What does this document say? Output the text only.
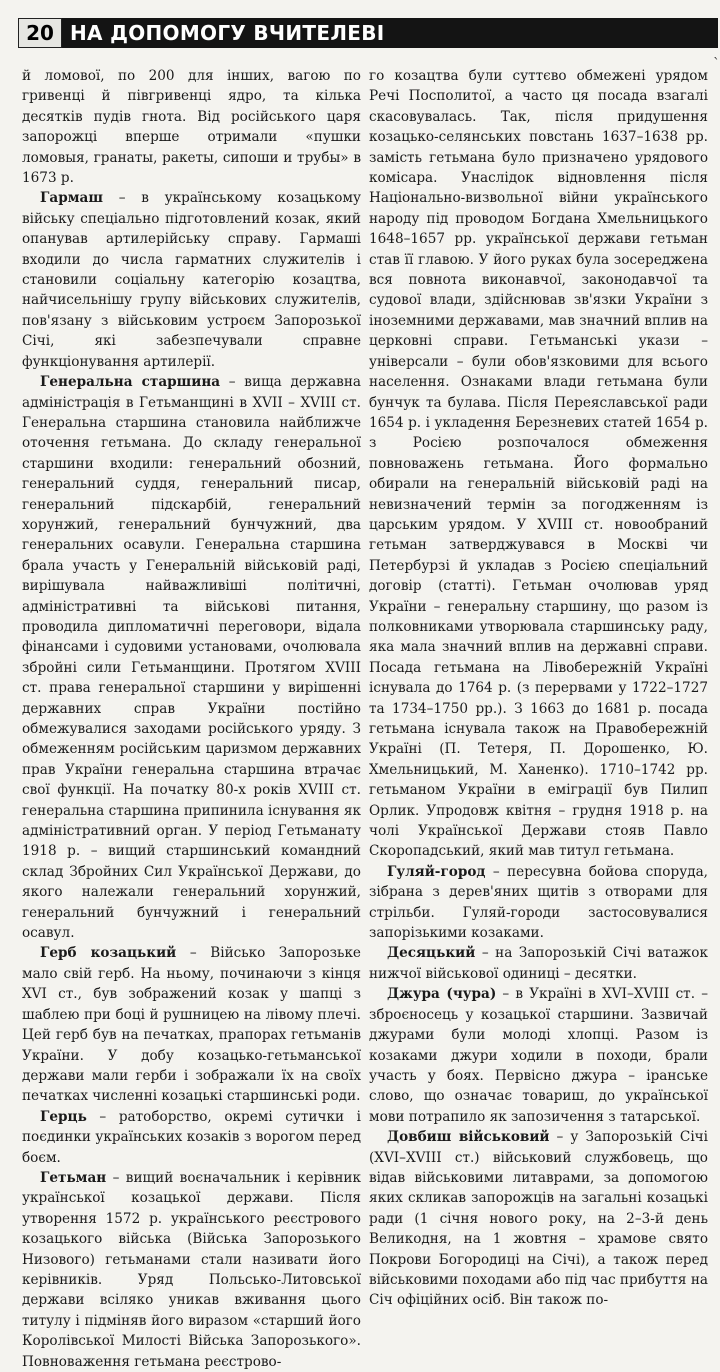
20 НА ДОПОМОГУ ВЧИТЕЛЕВІ
ˋ

й ломової, по 200 для інших, вагою по гривенці й півгривенці ядро, та кілька десятків пудів гнота. Від російського царя запорожці вперше отримали «пушки ломовыя, гранаты, ракеты, сипоши и трубы» в 1673 р.

Гармаш – в українському козацькому війську спеціально підготовлений козак, який опанував артилерійську справу. Гармаші входили до числа гарматних служителів і становили соціальну категорію козацтва, найчисельнішу групу військових служителів, пов'язану з військовим устроєм Запорозької Січі, які забезпечували справне функціонування артилерії.

Генеральна старшина – вища державна адміністрація в Гетьманщині в XVII – XVIII ст. Генеральна старшина становила найближче оточення гетьмана. До складу генеральної старшини входили: генеральний обозний, генеральний суддя, генеральний писар, генеральний підскарбій, генеральний хорунжий, генеральний бунчужний, два генеральних осавули. Генеральна старшина брала участь у Генеральній військовій раді, вирішувала найважливіші політичні, адміністративні та військові питання, проводила дипломатичні переговори, відала фінансами і судовими установами, очолювала збройні сили Гетьманщини. Протягом XVIII ст. права генеральної старшини у вирішенні державних справ України постійно обмежувалися заходами російського уряду. З обмеженням російським царизмом державних прав України генеральна старшина втрачає свої функції. На початку 80-х років XVIII ст. генеральна старшина припинила існування як адміністративний орган. У період Гетьманату 1918 р. – вищий старшинський командний склад Збройних Сил Української Держави, до якого належали генеральний хорунжий, генеральний бунчужний і генеральний осавул.

Герб козацький – Військо Запорозьке мало свій герб. На ньому, починаючи з кінця XVI ст., був зображений козак у шапці з шаблею при боці й рушницею на лівому плечі. Цей герб був на печатках, прапорах гетьманів України. У добу козацько-гетьманської держави мали герби і зображали їх на своїх печатках численні козацькі старшинські роди.

Герць – ратоборство, окремі сутички і поєдинки українських козаків з ворогом перед боєм.

Гетьман – вищий воєначальник і керівник української козацької держави. Після утворення 1572 р. українського реєстрового козацького війська (Війська Запорозького Низового) гетьманами стали називати його керівників. Уряд Польсько-Литовської держави всіляко уникав вживання цього титулу і підміняв його виразом «старший його Королівської Милості Війська Запорозького». Повноваження гетьмана реєстрово-

го козацтва були суттєво обмежені урядом Речі Посполитої, а часто ця посада взагалі скасовувалась. Так, після придушення козацько-селянських повстань 1637–1638 рр. замість гетьмана було призначено урядового комісара. Унаслідок відновлення після Національно-визвольної війни українського народу під проводом Богдана Хмельницького 1648–1657 рр. української держави гетьман став її главою. У його руках була зосереджена вся повнота виконавчої, законодавчої та судової влади, здійснював зв'язки України з іноземними державами, мав значний вплив на церковні справи. Гетьманські укази – універсали – були обов'язковими для всього населення. Ознаками влади гетьмана були бунчук та булава. Після Переяславської ради 1654 р. і укладення Березневих статей 1654 р. з Росією розпочалося обмеження повноважень гетьмана. Його формально обирали на генеральній військовій раді на невизначений термін за погодженням із царським урядом. У XVIII ст. новообраний гетьман затверджувався в Москві чи Петербурзі й укладав з Росією спеціальний договір (статті). Гетьман очолював уряд України – генеральну старшину, що разом із полковниками утворювала старшинську раду, яка мала значний вплив на державні справи. Посада гетьмана на Лівобережній Україні існувала до 1764 р. (з перервами у 1722–1727 та 1734–1750 рр.). З 1663 до 1681 р. посада гетьмана існувала також на Правобережній Україні (П. Тетеря, П. Дорошенко, Ю. Хмельницький, М. Ханенко). 1710–1742 рр. гетьманом України в еміграції був Пилип Орлик. Упродовж квітня – грудня 1918 р. на чолі Української Держави стояв Павло Скоропадський, який мав титул гетьмана.

Гуляй-город – пересувна бойова споруда, зібрана з дерев'яних щитів з отворами для стрільби. Гуляй-городи застосовувалися запорізькими козаками.

Десяцький – на Запорозькій Січі ватажок нижчої військової одиниці – десятки.

Джура (чура) – в Україні в XVI–XVIII ст. – зброєносець у козацької старшини. Зазвичай джурами були молоді хлопці. Разом із козаками джури ходили в походи, брали участь у боях. Первісно джура – іранське слово, що означає товариш, до української мови потрапило як запозичення з татарської.

Довбиш військовий – у Запорозькій Січі (XVI–XVIII ст.) військовий службовець, що відав військовими литаврами, за допомогою яких скликав запорожців на загальні козацькі ради (1 січня нового року, на 2–3-й день Великодня, на 1 жовтня – храмове свято Покрови Богородиці на Січі), а також перед військовими походами або під час прибуття на Січ офіційних осіб. Він також по-
